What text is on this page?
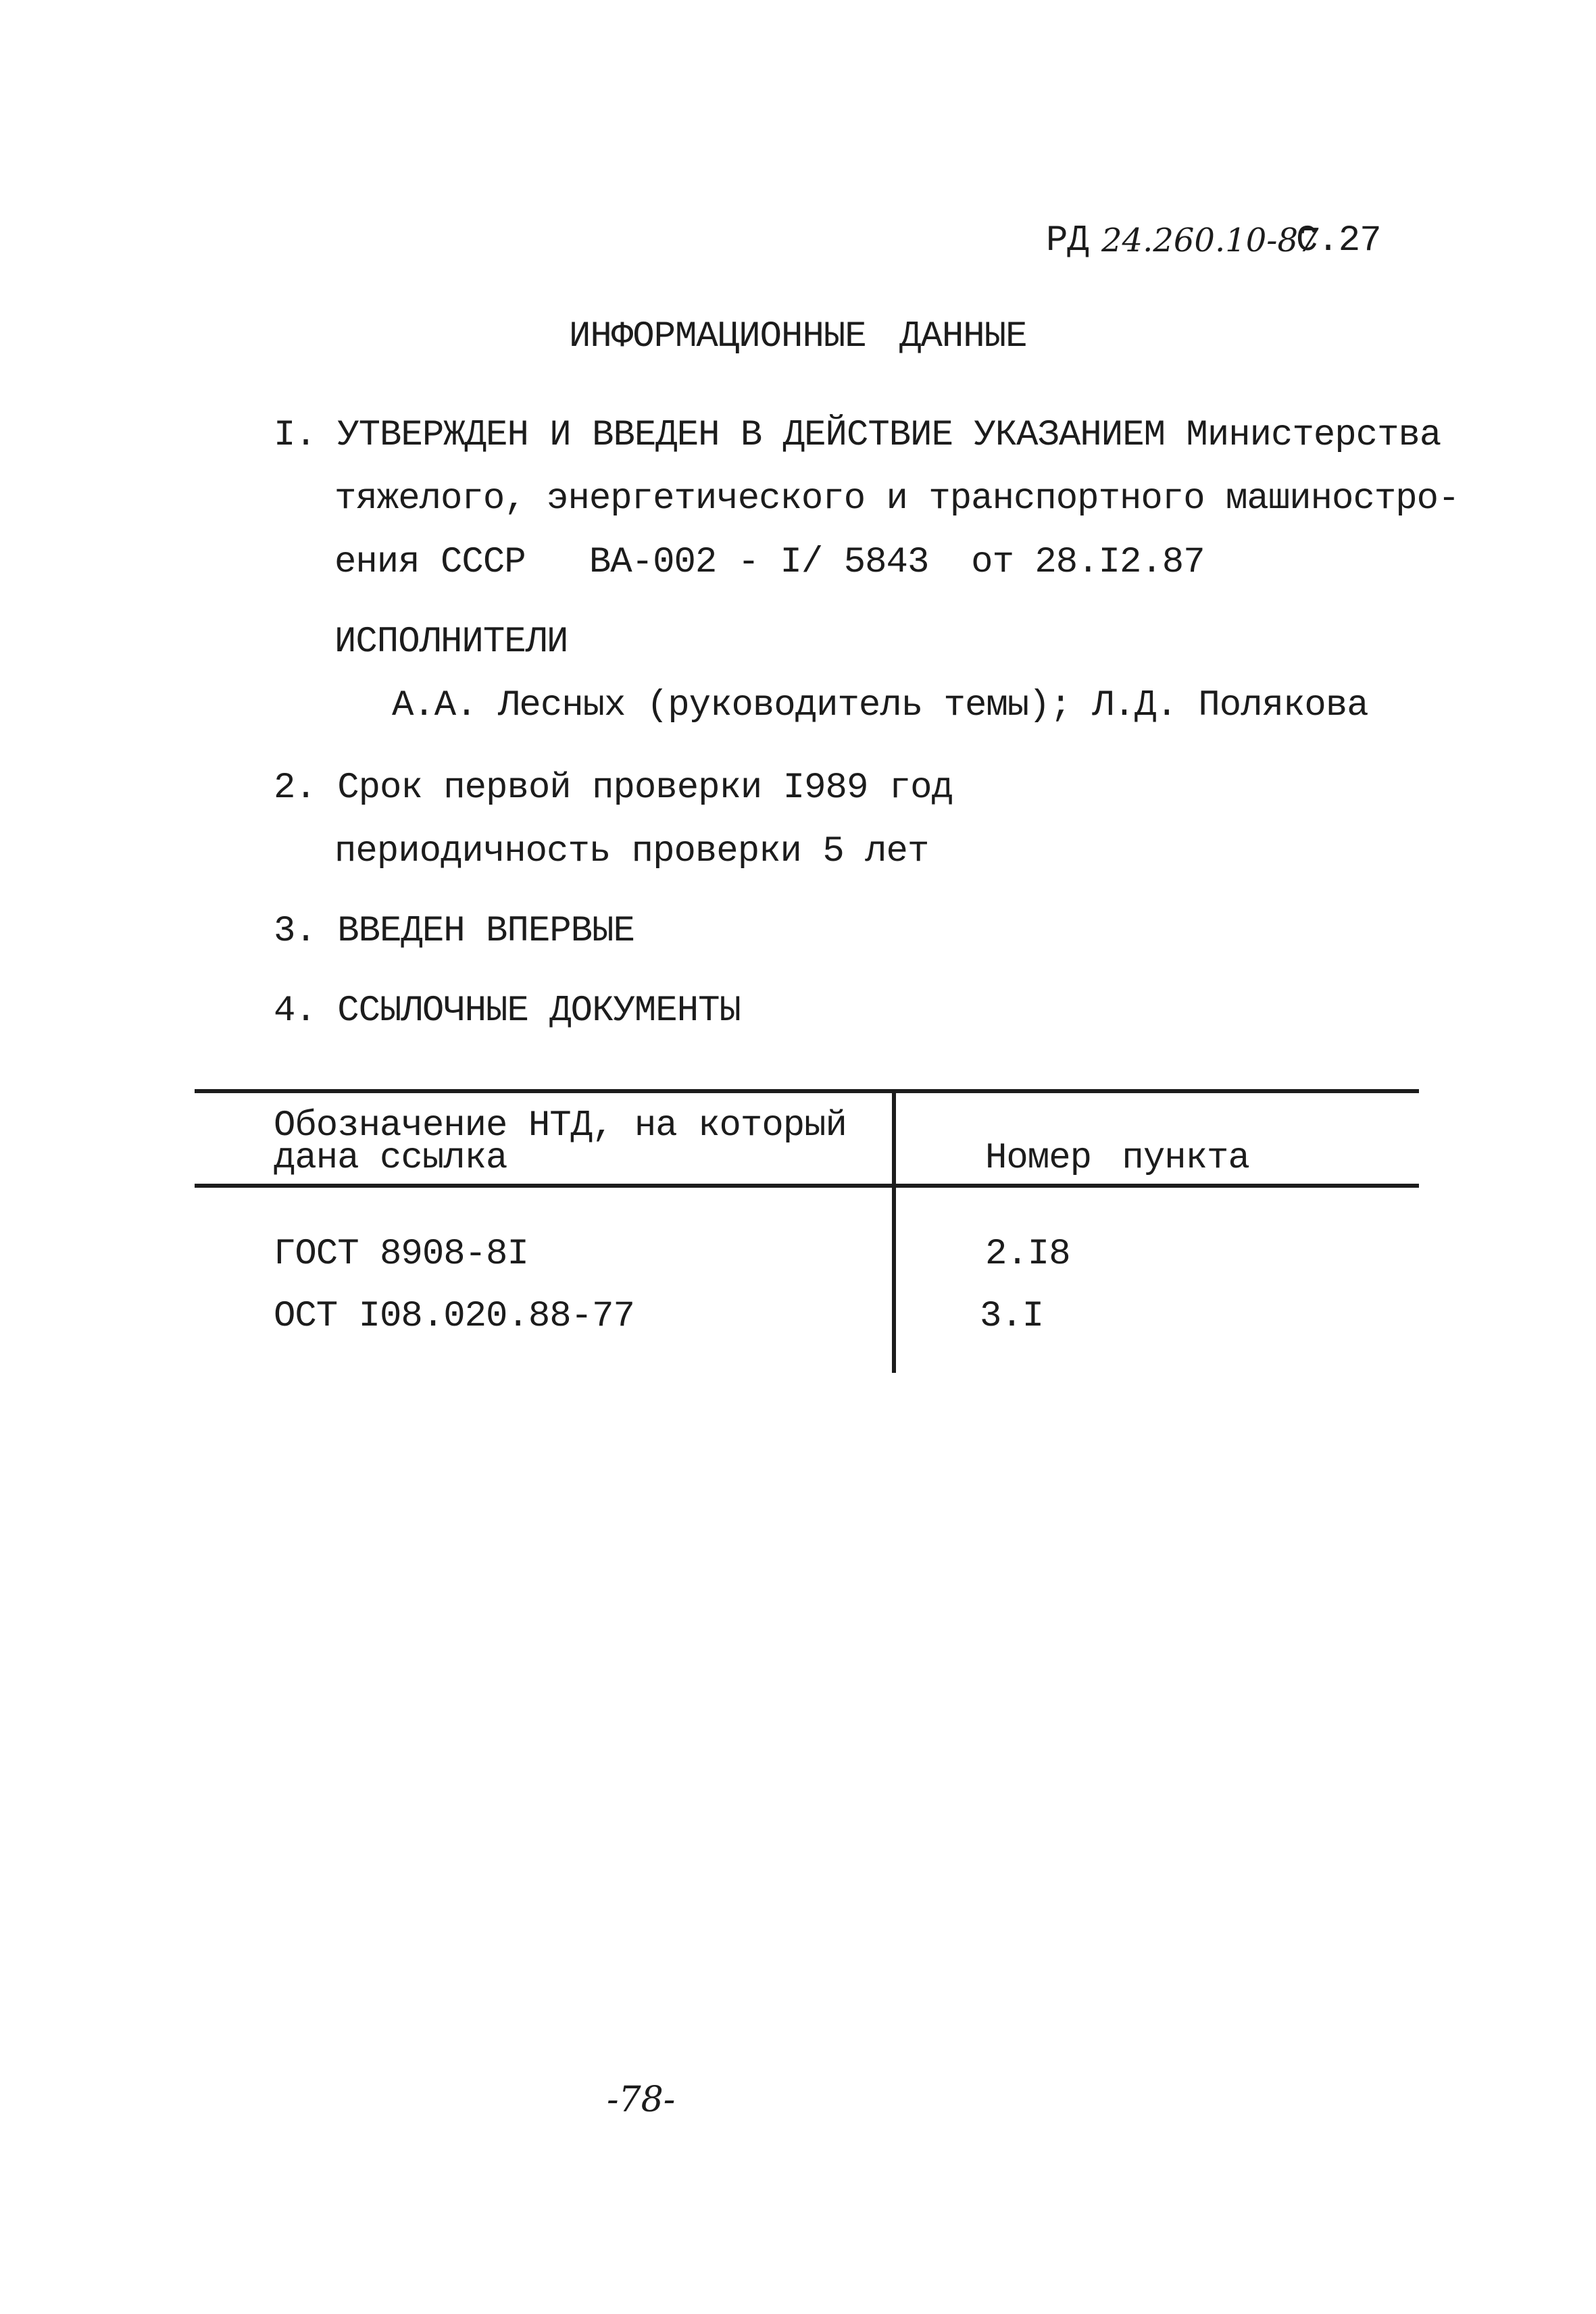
РД 24.260.10-87
С.27
ИНФОРМАЦИОННЫЕ ДАННЫЕ
I. УТВЕРЖДЕН И ВВЕДЕН В ДЕЙСТВИЕ УКАЗАНИЕМ Министерства
тяжелого, энергетического и транспортного машиностро-
ения СССР   ВА-002 - I/ 5843  от 28.I2.87
ИСПОЛНИТЕЛИ
А.А. Лесных (руководитель темы); Л.Д. Полякова
2. Срок первой проверки I989 год
периодичность проверки 5 лет
3. ВВЕДЕН ВПЕРВЫЕ
4. ССЫЛОЧНЫЕ ДОКУМЕНТЫ
Обозначение НТД, на который
дана ссылка	Номер пункта
ГОСТ 8908-8I	2.I8
ОСТ I08.020.88-77	3.I
-78-
